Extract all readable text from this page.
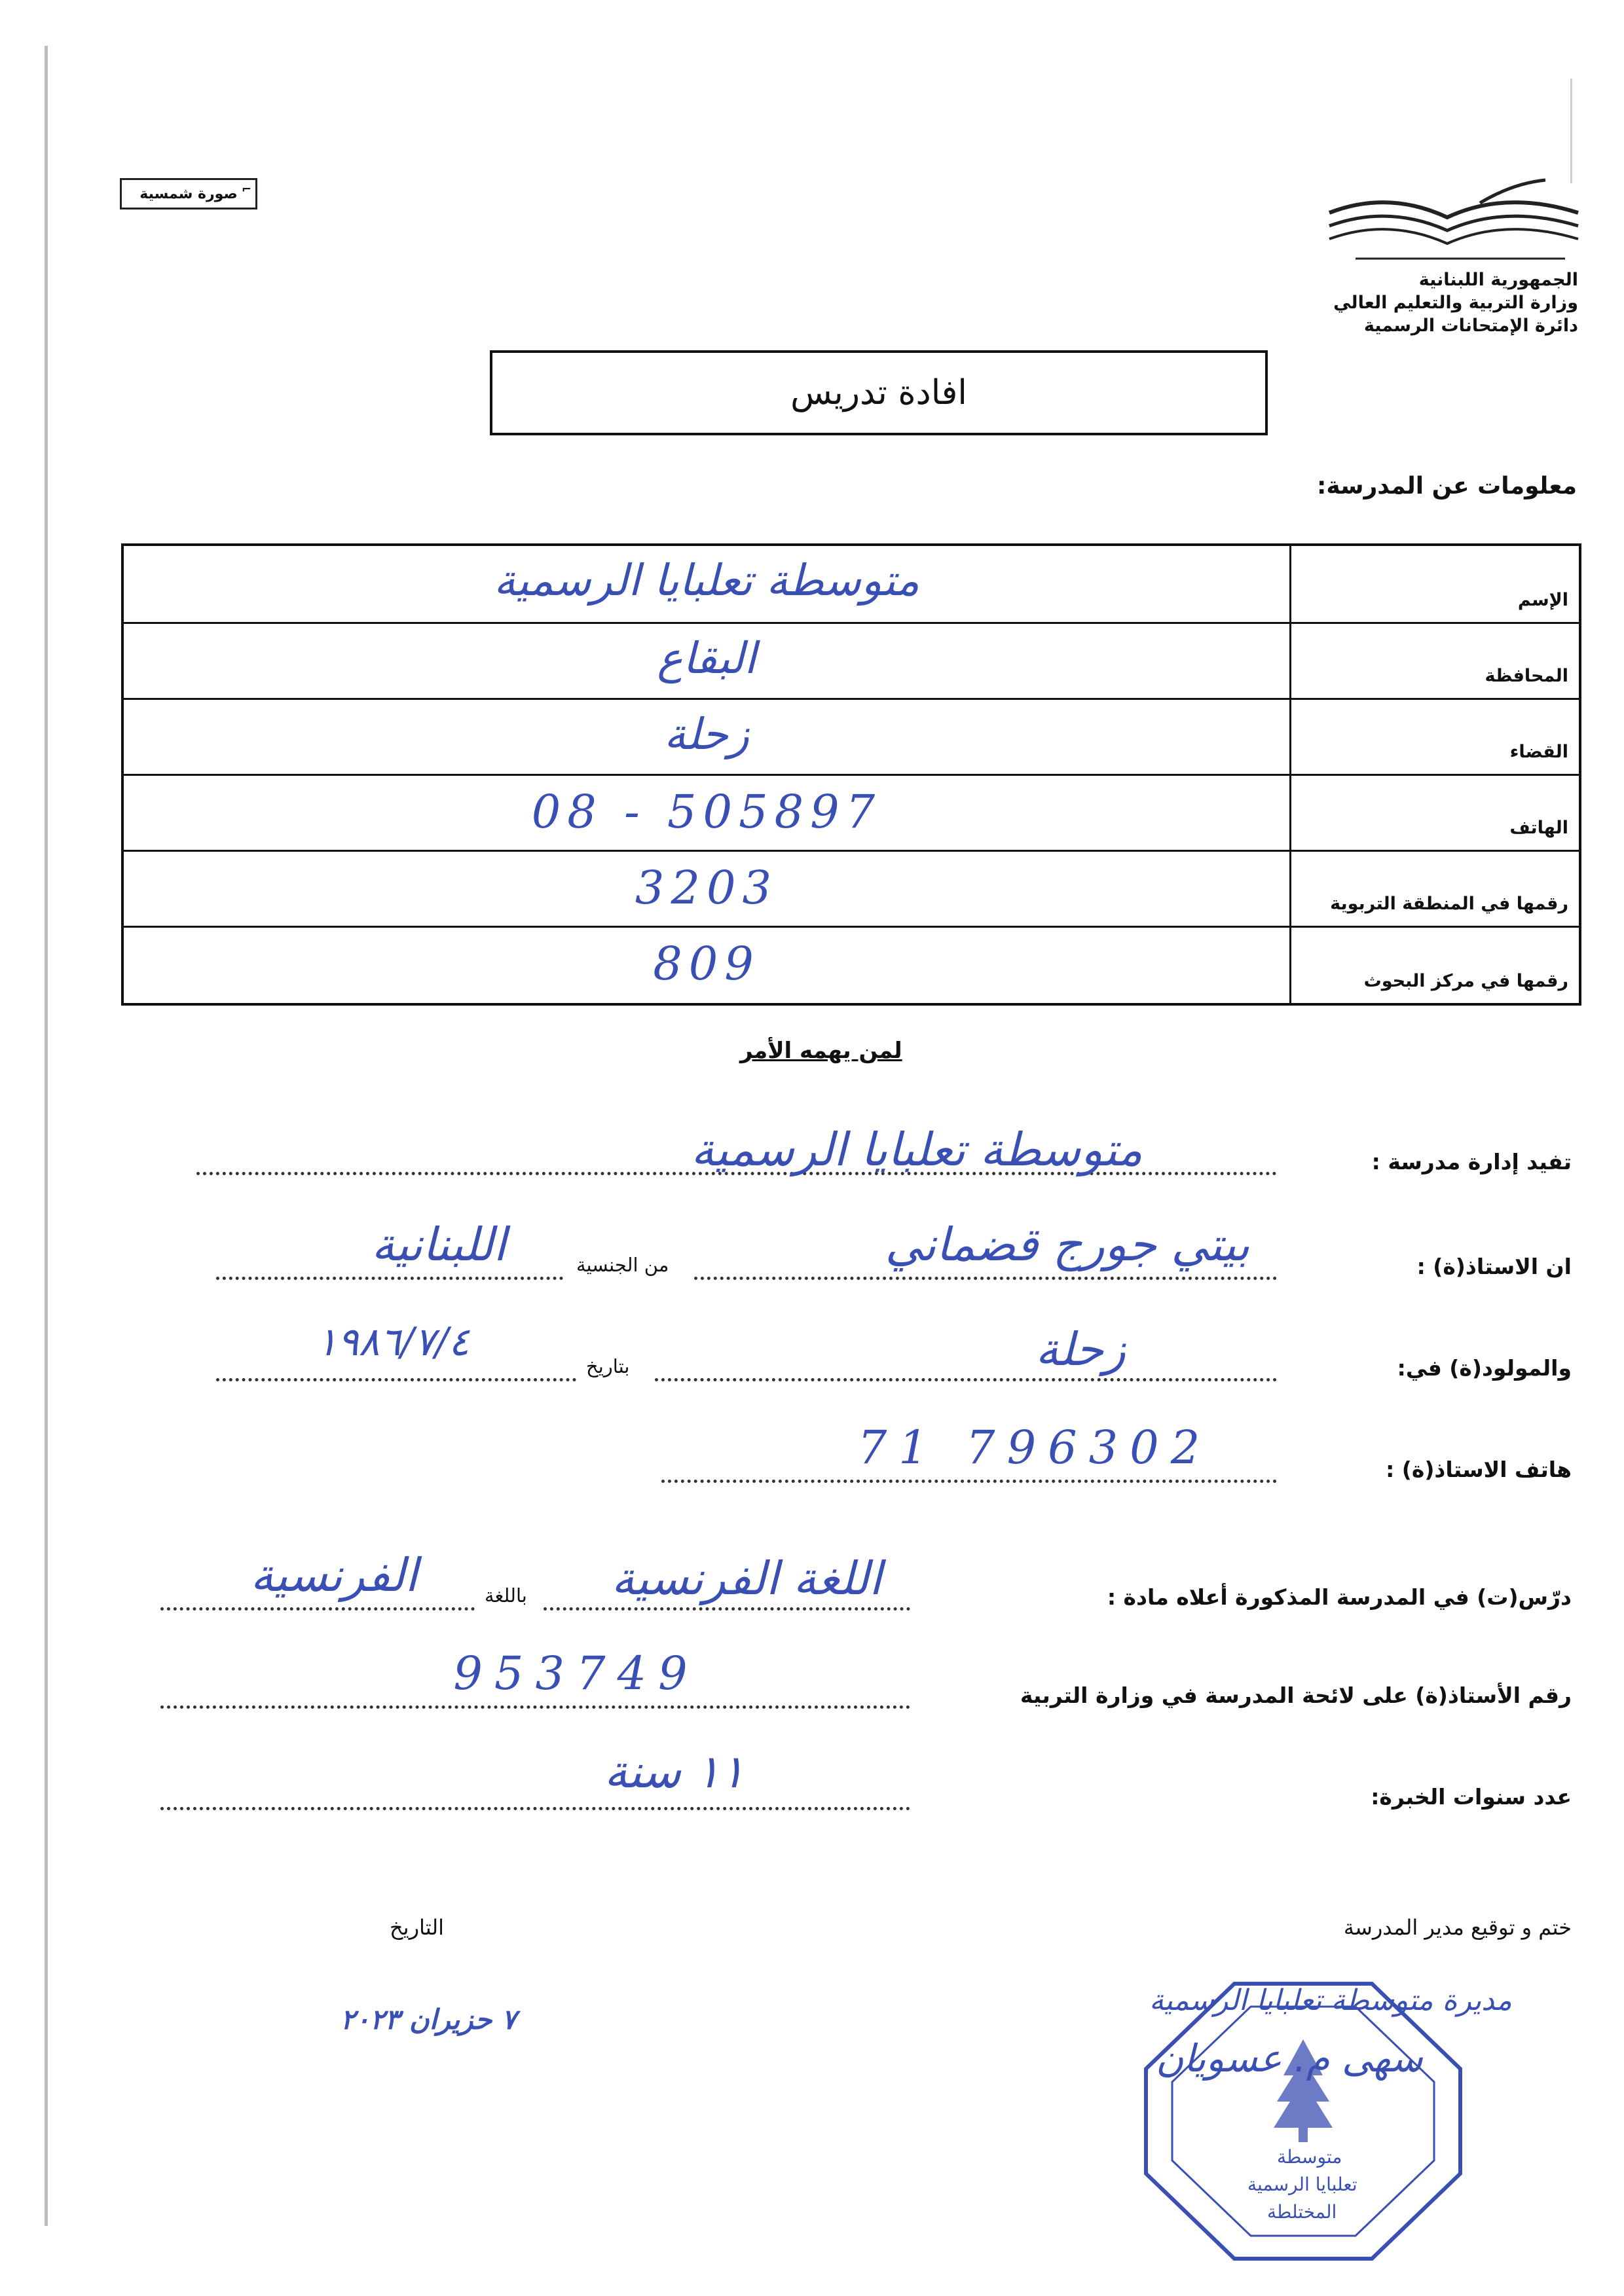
صورة شمسية ⌐
الجمهورية اللبنانية
وزارة التربية والتعليم العالي
دائرة الإمتحانات الرسمية
افادة تدريس
معلومات عن المدرسة:
متوسطة تعلبايا الرسمية	الإسم
البقاع	المحافظة
زحلة	القضاء
08 - 505897	الهاتف
3203	رقمها في المنطقة التربوية
809	رقمها في مركز البحوث
لمن يهمه الأمر
تفيد إدارة مدرسة :
متوسطة تعلبايا الرسمية
ان الاستاذ(ة) :
بيتي جورج قضماني
من الجنسية
اللبنانية
والمولود(ة) في:
زحلة
بتاريخ
١٩٨٦/٧/٤
هاتف الاستاذ(ة) :
71 796302
درّس(ت) في المدرسة المذكورة أعلاه مادة :
اللغة الفرنسية
باللغة
الفرنسية
رقم الأستاذ(ة) على لائحة المدرسة في وزارة التربية
953749
عدد سنوات الخبرة:
١١ سنة
ختم و توقيع مدير المدرسة
التاريخ
٧ حزيران ٢٠٢٣
مديرة متوسطة تعلبايا الرسمية
سهى م. عسويان
متوسطة
تعلبايا الرسمية
المختلطة
